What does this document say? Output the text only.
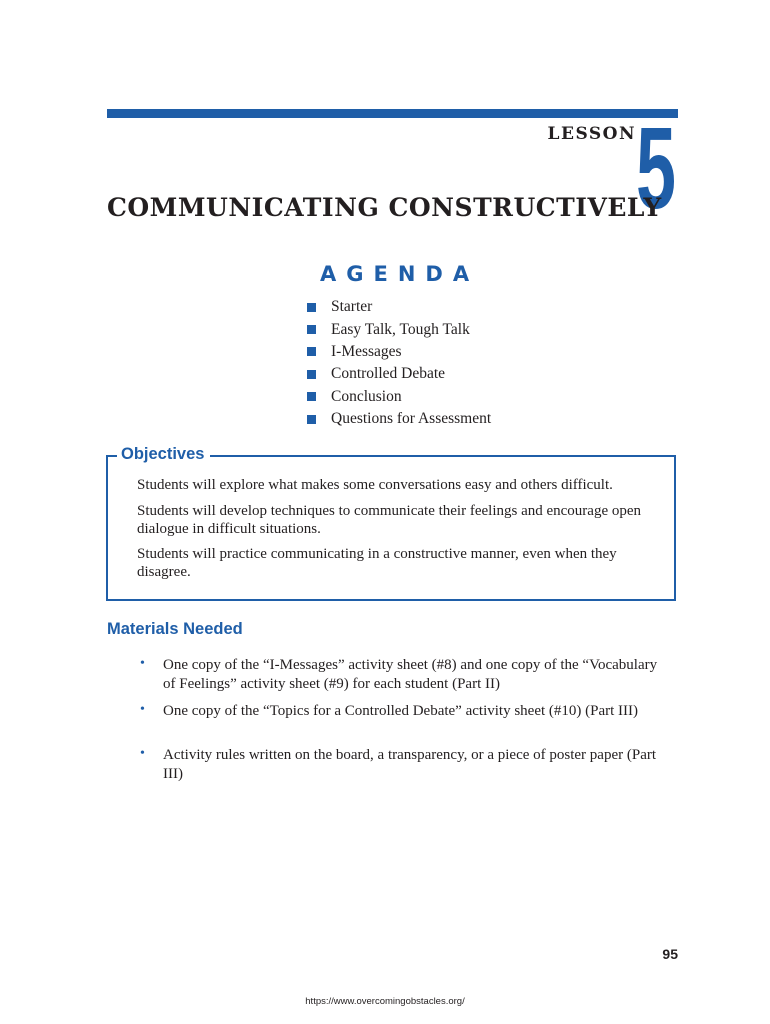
LESSON 5
COMMUNICATING CONSTRUCTIVELY
AGENDA
Starter
Easy Talk, Tough Talk
I-Messages
Controlled Debate
Conclusion
Questions for Assessment
Objectives

Students will explore what makes some conversations easy and others difficult.

Students will develop techniques to communicate their feelings and encourage open dialogue in difficult situations.

Students will practice communicating in a constructive manner, even when they disagree.

Materials Needed
• One copy of the “I-Messages” activity sheet (#8) and one copy of the “Vocabulary of Feelings” activity sheet (#9) for each student (Part II)

• One copy of the “Topics for a Controlled Debate” activity sheet (#10) (Part III)

• Activity rules written on the board, a transparency, or a piece of poster paper (Part III)

95
https://www.overcomingobstacles.org/
